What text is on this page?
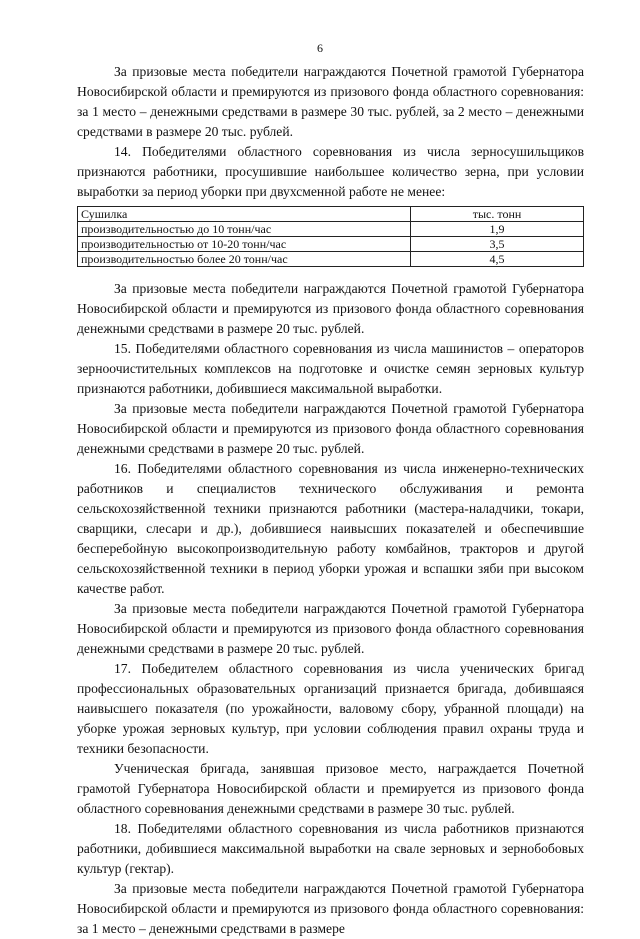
6

За призовые места победители награждаются Почетной грамотой Губернатора Новосибирской области и премируются из призового фонда областного соревнования: за 1 место – денежными средствами в размере 30 тыс. рублей, за 2 место – денежными средствами в размере 20 тыс. рублей.

14. Победителями областного соревнования из числа зерносушильщиков признаются работники, просушившие наибольшее количество зерна, при условии выработки за период уборки при двухсменной работе не менее:

Сушилка	тыс. тонн
производительностью до 10 тонн/час	1,9
производительностью от 10-20 тонн/час	3,5
производительностью более 20 тонн/час	4,5

За призовые места победители награждаются Почетной грамотой Губернатора Новосибирской области и премируются из призового фонда областного соревнования денежными средствами в размере 20 тыс. рублей.

15. Победителями областного соревнования из числа машинистов – операторов зерноочистительных комплексов на подготовке и очистке семян зерновых культур признаются работники, добившиеся максимальной выработки.

За призовые места победители награждаются Почетной грамотой Губернатора Новосибирской области и премируются из призового фонда областного соревнования денежными средствами в размере 20 тыс. рублей.

16. Победителями областного соревнования из числа инженерно-технических работников и специалистов технического обслуживания и ремонта сельскохозяйственной техники признаются работники (мастера-наладчики, токари, сварщики, слесари и др.), добившиеся наивысших показателей и обеспечившие бесперебойную высокопроизводительную работу комбайнов, тракторов и другой сельскохозяйственной техники в период уборки урожая и вспашки зяби при высоком качестве работ.

За призовые места победители награждаются Почетной грамотой Губернатора Новосибирской области и премируются из призового фонда областного соревнования денежными средствами в размере 20 тыс. рублей.

17. Победителем областного соревнования из числа ученических бригад профессиональных образовательных организаций признается бригада, добившаяся наивысшего показателя (по урожайности, валовому сбору, убранной площади) на уборке урожая зерновых культур, при условии соблюдения правил охраны труда и техники безопасности.

Ученическая бригада, занявшая призовое место, награждается Почетной грамотой Губернатора Новосибирской области и премируется из призового фонда областного соревнования денежными средствами в размере 30 тыс. рублей.

18. Победителями областного соревнования из числа работников признаются работники, добившиеся максимальной выработки на свале зерновых и зернобобовых культур (гектар).

За призовые места победители награждаются Почетной грамотой Губернатора Новосибирской области и премируются из призового фонда областного соревнования: за 1 место – денежными средствами в размере
